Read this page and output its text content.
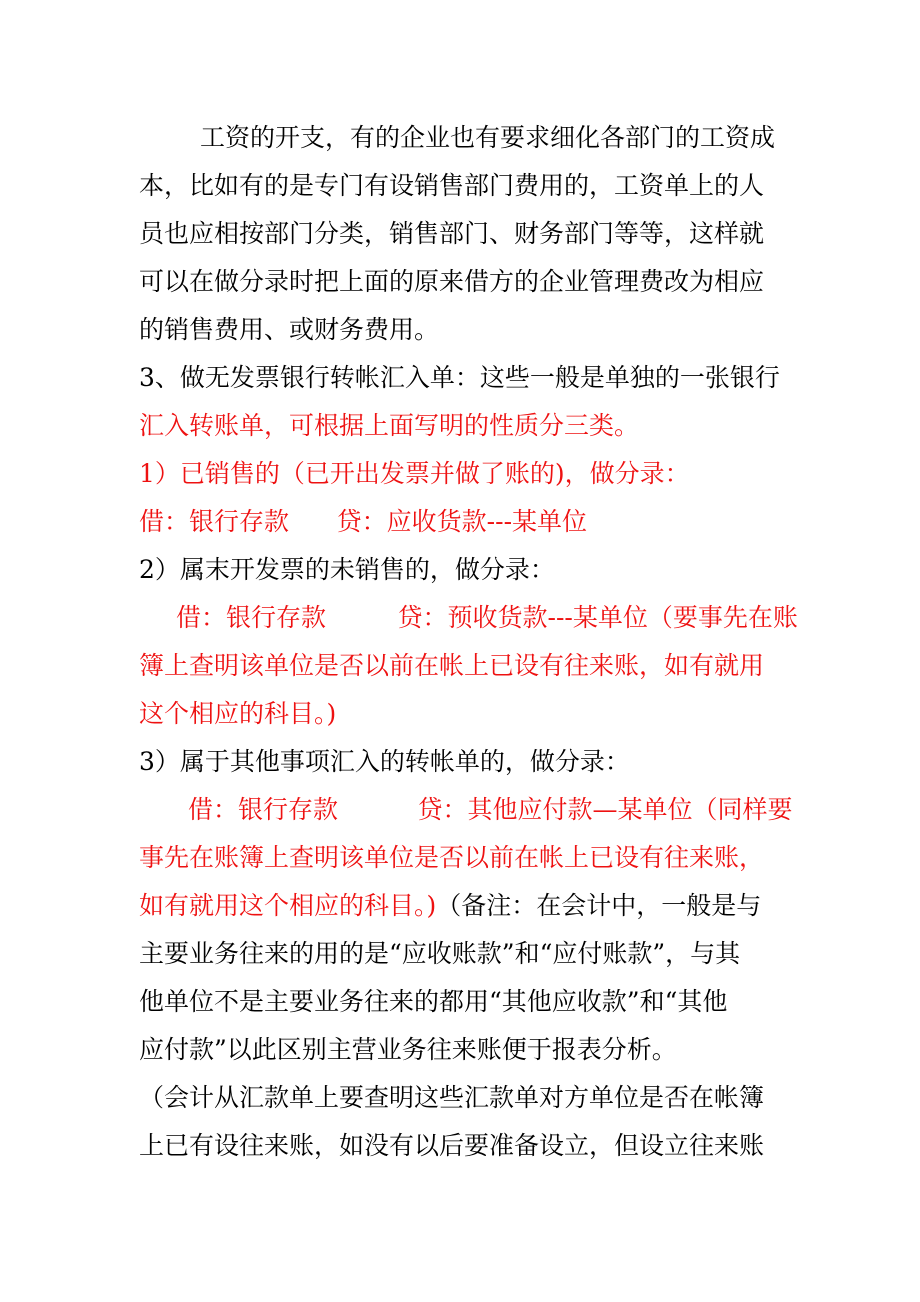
工资的开支，有的企业也有要求细化各部门的工资成
本，比如有的是专门有设销售部门费用的，工资单上的人
员也应相按部门分类，销售部门、财务部门等等，这样就
可以在做分录时把上面的原来借方的企业管理费改为相应
的销售费用、或财务费用。
3、做无发票银行转帐汇入单：这些一般是单独的一张银行
汇入转账单，可根据上面写明的性质分三类。
1）已销售的（已开出发票并做了账的)，做分录：
借：银行存款      贷：应收货款---某单位
2）属末开发票的未销售的，做分录：
借：银行存款         贷：预收货款---某单位（要事先在账
簿上查明该单位是否以前在帐上已设有往来账，如有就用
这个相应的科目。)
3）属于其他事项汇入的转帐单的，做分录：
借：银行存款          贷：其他应付款—某单位（同样要
事先在账簿上查明该单位是否以前在帐上已设有往来账，
如有就用这个相应的科目。)（备注：在会计中，一般是与
主要业务往来的用的是“应收账款”和“应付账款”，与其
他单位不是主要业务往来的都用“其他应收款”和“其他
应付款”以此区别主营业务往来账便于报表分析。
（会计从汇款单上要查明这些汇款单对方单位是否在帐簿
上已有设往来账，如没有以后要准备设立，但设立往来账
